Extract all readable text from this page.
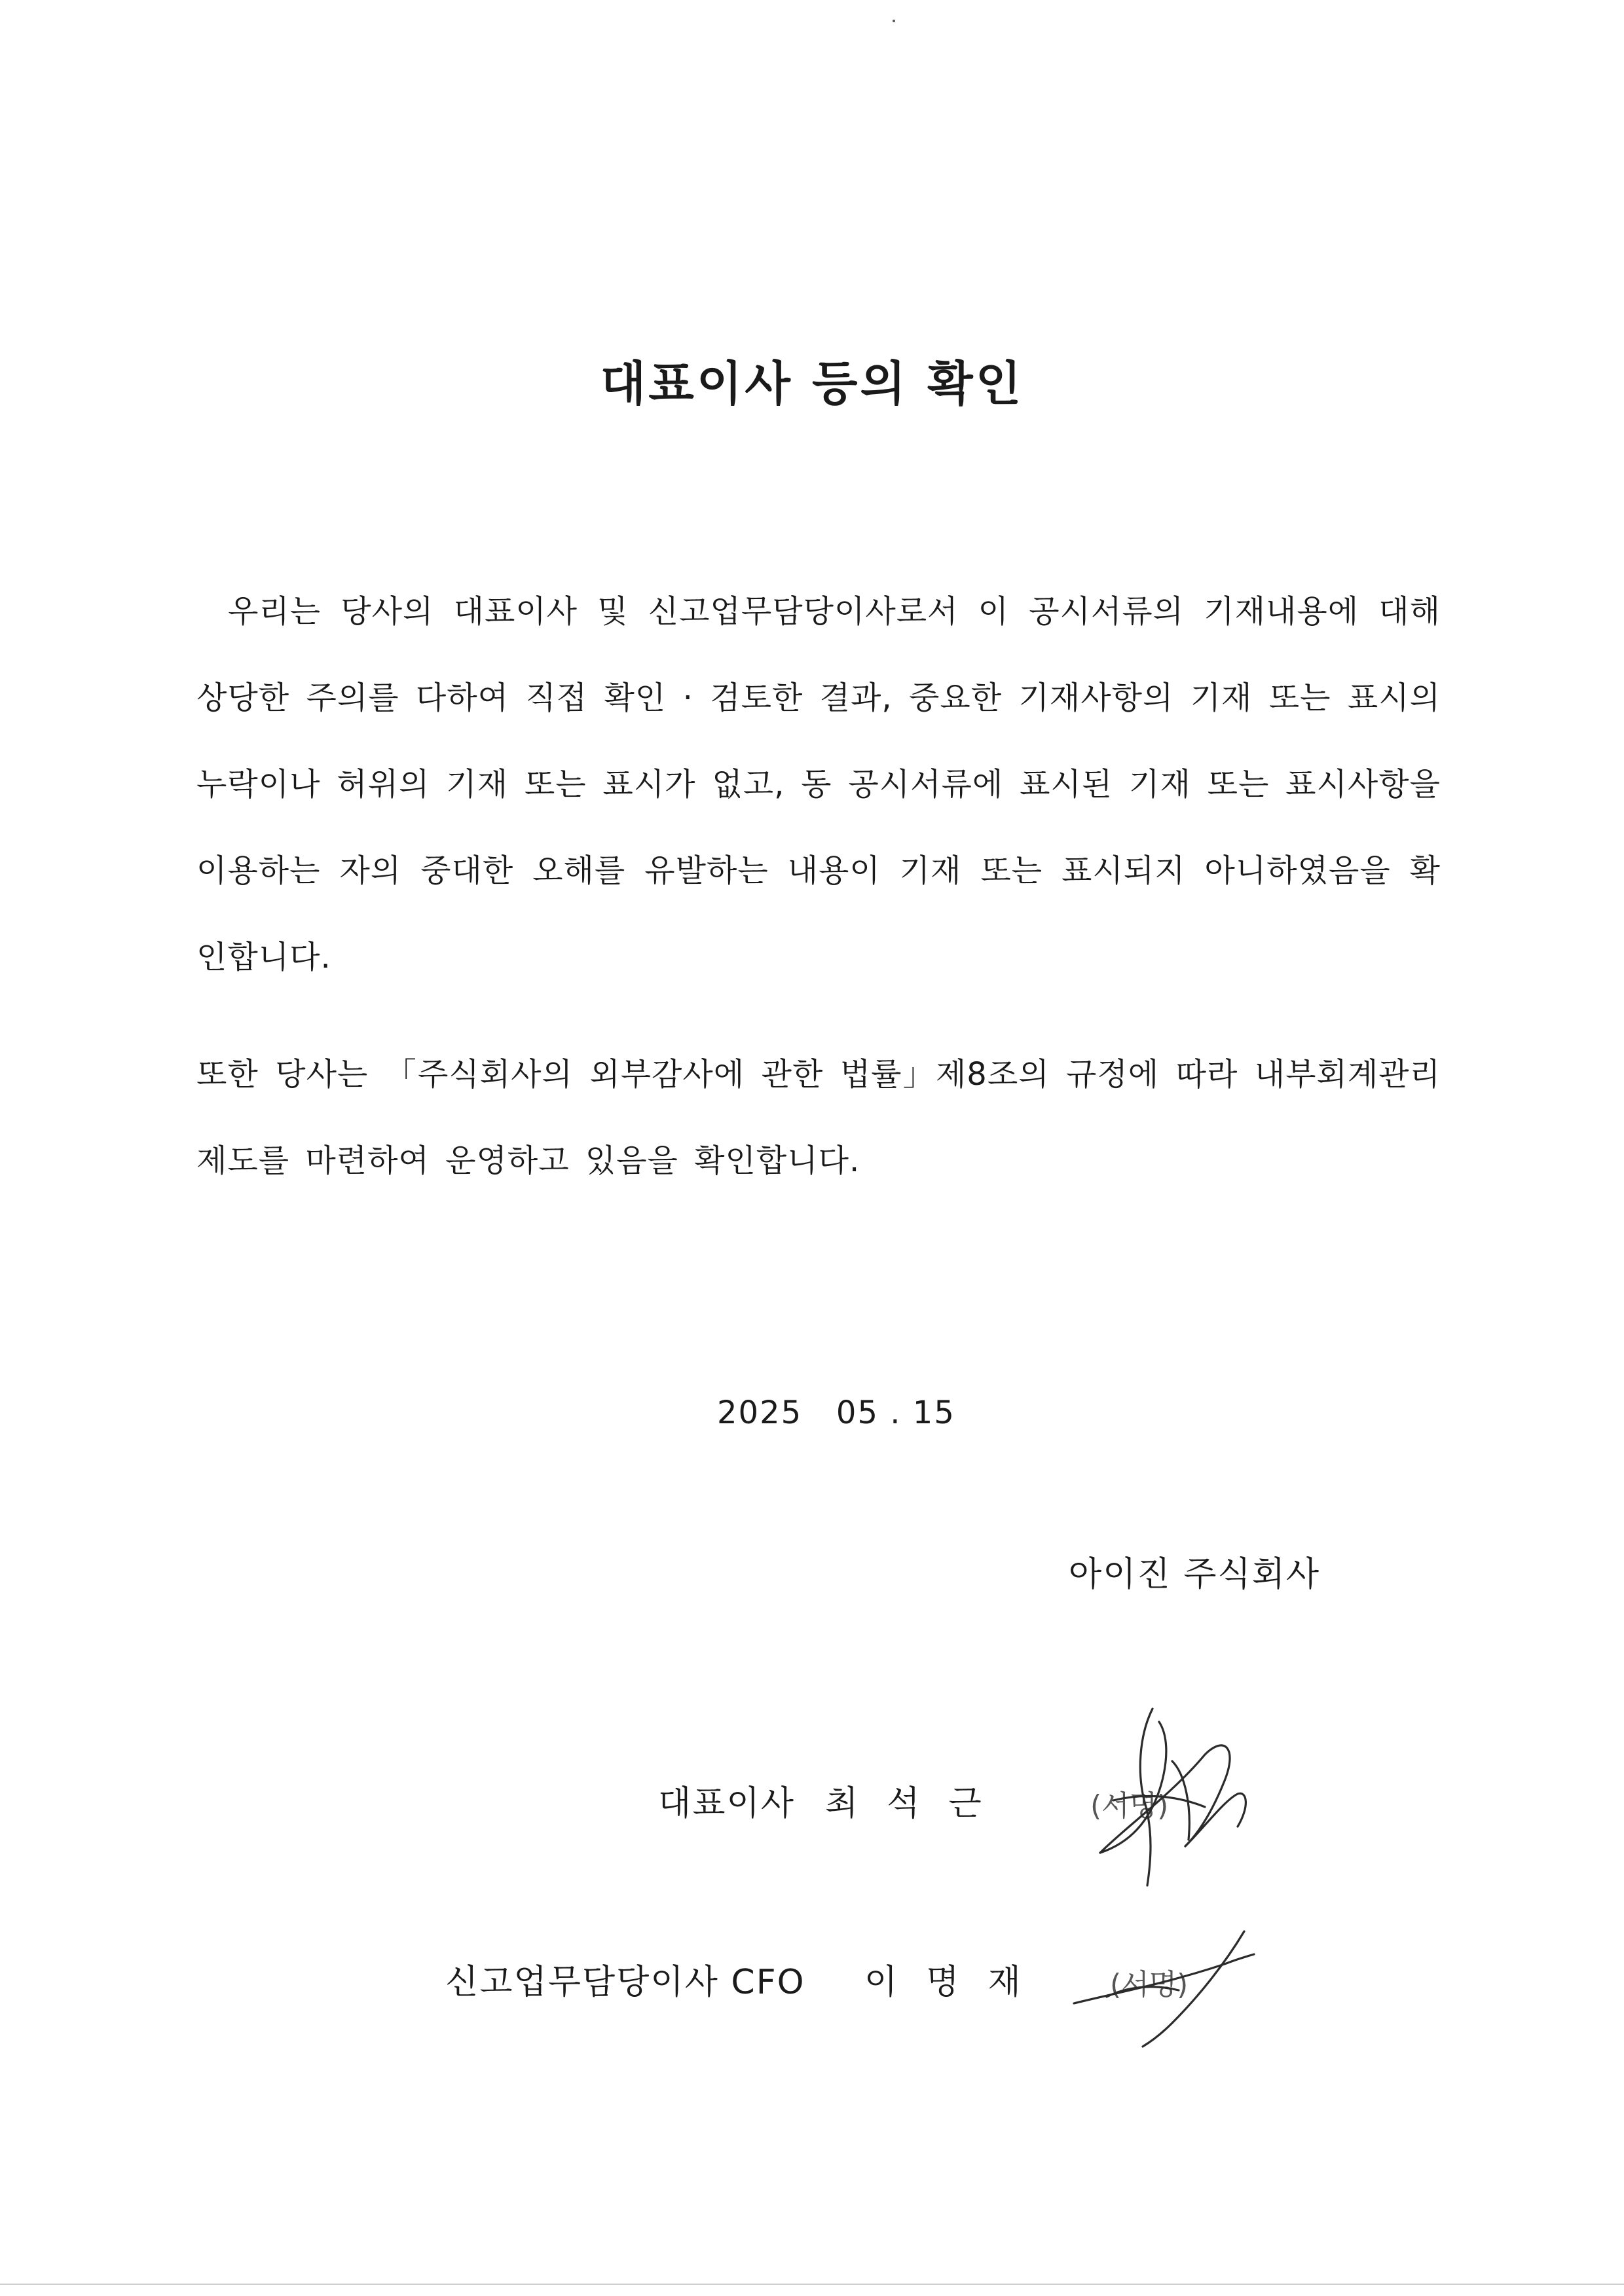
대표이사 등의 확인
우리는 당사의 대표이사 및 신고업무담당이사로서 이 공시서류의 기재내용에 대해 상당한 주의를 다하여 직접 확인 · 검토한 결과, 중요한 기재사항의 기재 또는 표시의 누락이나 허위의 기재 또는 표시가 없고, 동 공시서류에 표시된 기재 또는 표시사항을 이용하는 자의 중대한 오해를 유발하는 내용이 기재 또는 표시되지 아니하였음을 확인합니다.
또한 당사는 「주식회사의 외부감사에 관한 법률」제8조의 규정에 따라 내부회계관리제도를 마련하여 운영하고 있음을 확인합니다.
2025   05 . 15
아이진 주식회사
대표이사 최석근	(서명)
신고업무담당이사 CFO 이명재 (서명)
